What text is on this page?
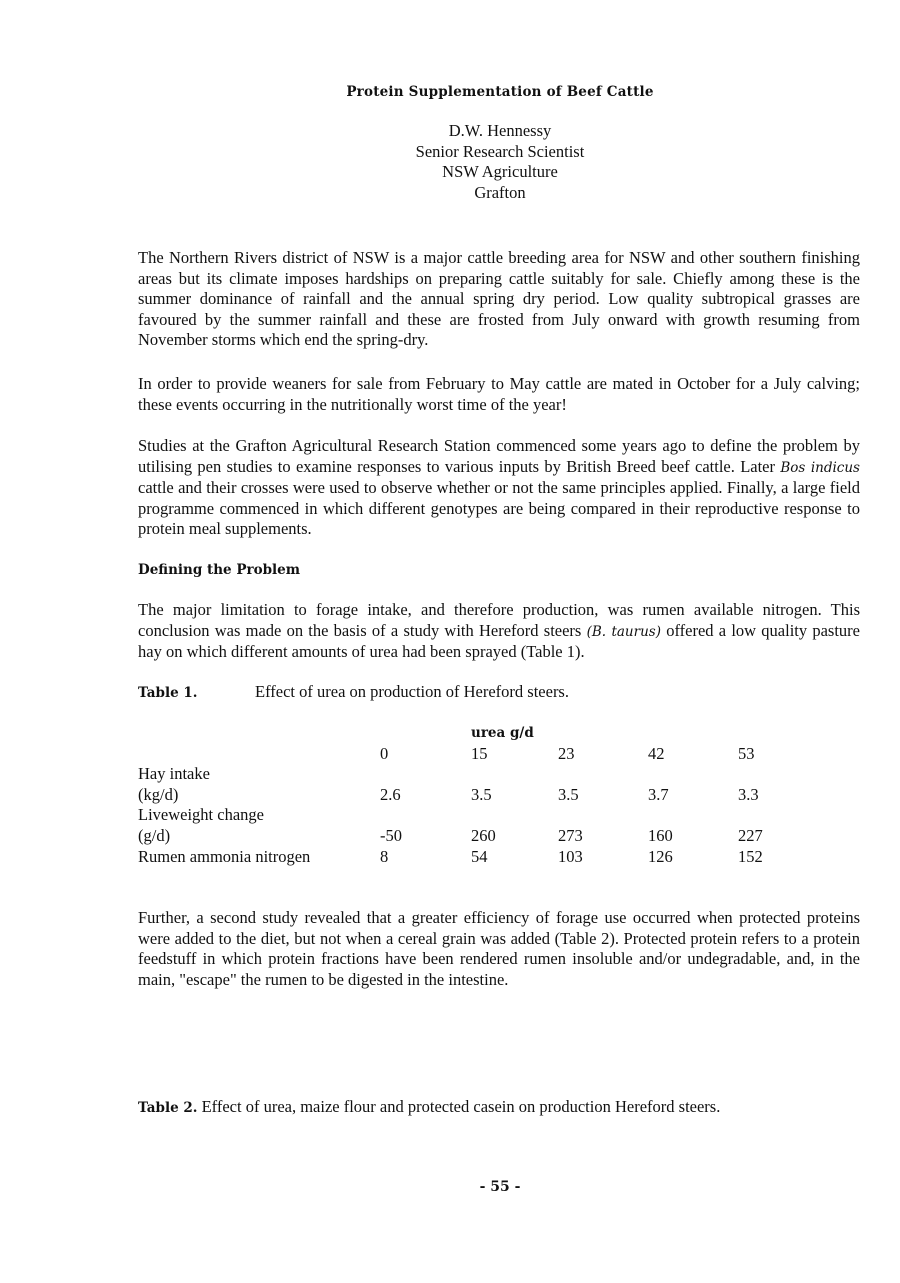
Protein Supplementation of Beef Cattle
D.W. Hennessy
Senior Research Scientist
NSW Agriculture
Grafton

The Northern Rivers district of NSW is a major cattle breeding area for NSW and other southern finishing areas but its climate imposes hardships on preparing cattle suitably for sale. Chiefly among these is the summer dominance of rainfall and the annual spring dry period. Low quality subtropical grasses are favoured by the summer rainfall and these are frosted from July onward with growth resuming from November storms which end the spring-dry.

In order to provide weaners for sale from February to May cattle are mated in October for a July calving; these events occurring in the nutritionally worst time of the year!

Studies at the Grafton Agricultural Research Station commenced some years ago to define the problem by utilising pen studies to examine responses to various inputs by British Breed beef cattle. Later Bos indicus cattle and their crosses were used to observe whether or not the same principles applied. Finally, a large field programme commenced in which different genotypes are being compared in their reproductive response to protein meal supplements.

Defining the Problem

The major limitation to forage intake, and therefore production, was rumen available nitrogen. This conclusion was made on the basis of a study with Hereford steers (B. taurus) offered a low quality pasture hay on which different amounts of urea had been sprayed (Table 1).

Table 1.	Effect of urea on production of Hereford steers.
urea g/d
0	15	23	42	53
Hay intake
(kg/d)	2.6	3.5	3.5	3.7	3.3
Liveweight change
(g/d)	-50	260	273	160	227
Rumen ammonia nitrogen	8	54	103	126	152

Further, a second study revealed that a greater efficiency of forage use occurred when protected proteins were added to the diet, but not when a cereal grain was added (Table 2). Protected protein refers to a protein feedstuff in which protein fractions have been rendered rumen insoluble and/or undegradable, and, in the main, "escape" the rumen to be digested in the intestine.

Table 2. Effect of urea, maize flour and protected casein on production Hereford steers.
- 55 -
